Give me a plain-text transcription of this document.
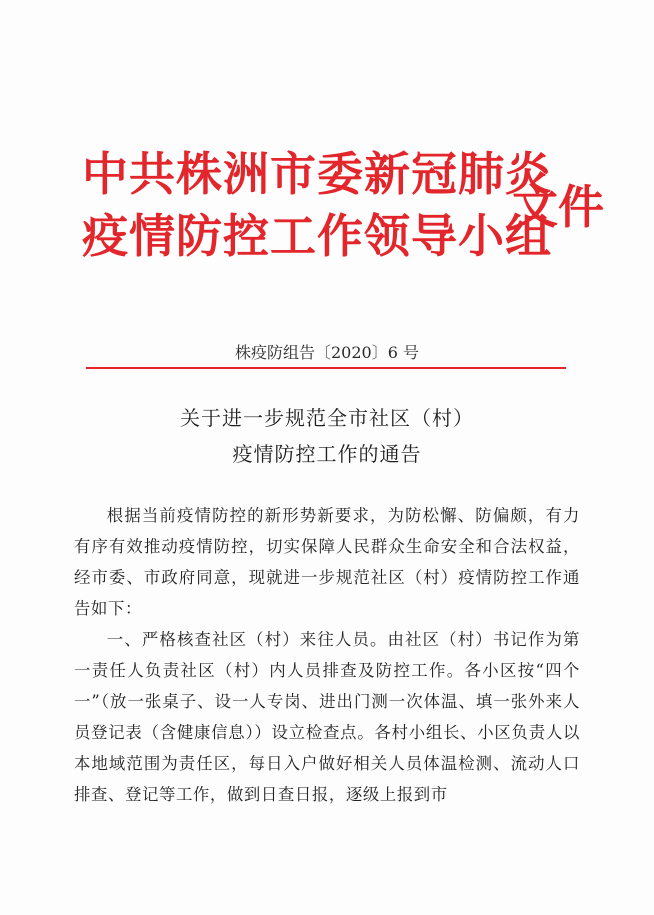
中共株洲市委新冠肺炎
疫情防控工作领导小组
文件
株疫防组告〔2020〕6 号
关于进一步规范全市社区（村）
疫情防控工作的通告

根据当前疫情防控的新形势新要求，为防松懈、防偏颇，有力有序有效推动疫情防控，切实保障人民群众生命安全和合法权益，经市委、市政府同意，现就进一步规范社区（村）疫情防控工作通告如下：

一、严格核查社区（村）来往人员。由社区（村）书记作为第一责任人负责社区（村）内人员排查及防控工作。各小区按“四个一”（放一张桌子、设一人专岗、进出门测一次体温、填一张外来人员登记表（含健康信息））设立检查点。各村小组长、小区负责人以本地域范围为责任区，每日入户做好相关人员体温检测、流动人口排查、登记等工作，做到日查日报，逐级上报到市
